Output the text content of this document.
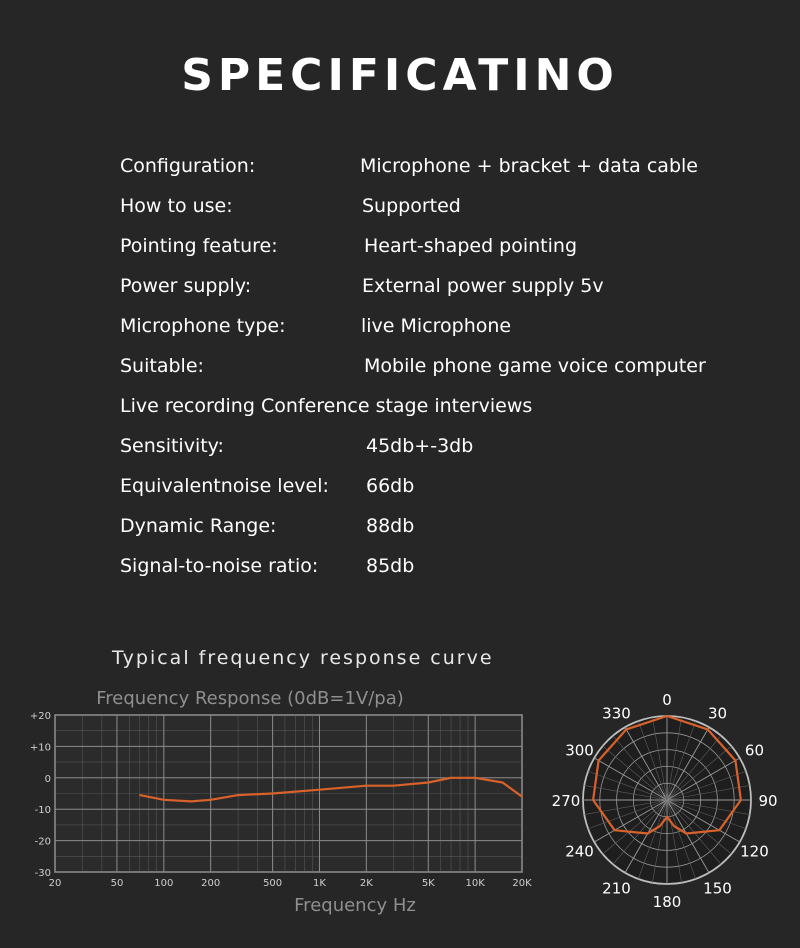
SPECIFICATINO
Configuration:	Microphone + bracket + data cable
How to use:	Supported
Pointing feature:	Heart-shaped pointing
Power supply:	External power supply 5v
Microphone type:	live Microphone
Suitable:	Mobile phone game voice computer
Live recording Conference stage interviews
Sensitivity:	45db+-3db
Equivalentnoise level: 66db
Dynamic Range:	88db
Signal-to-noise ratio:	85db
Typical frequency response curve
Frequency Response (0dB=1V/pa)
20	50	100	200	500	1K	2K	5K	10K	20K
+20
+10
0
-10
-20
-30
Frequency Hz
0
30
60
90
120
150
180
210
240
270
300
330
